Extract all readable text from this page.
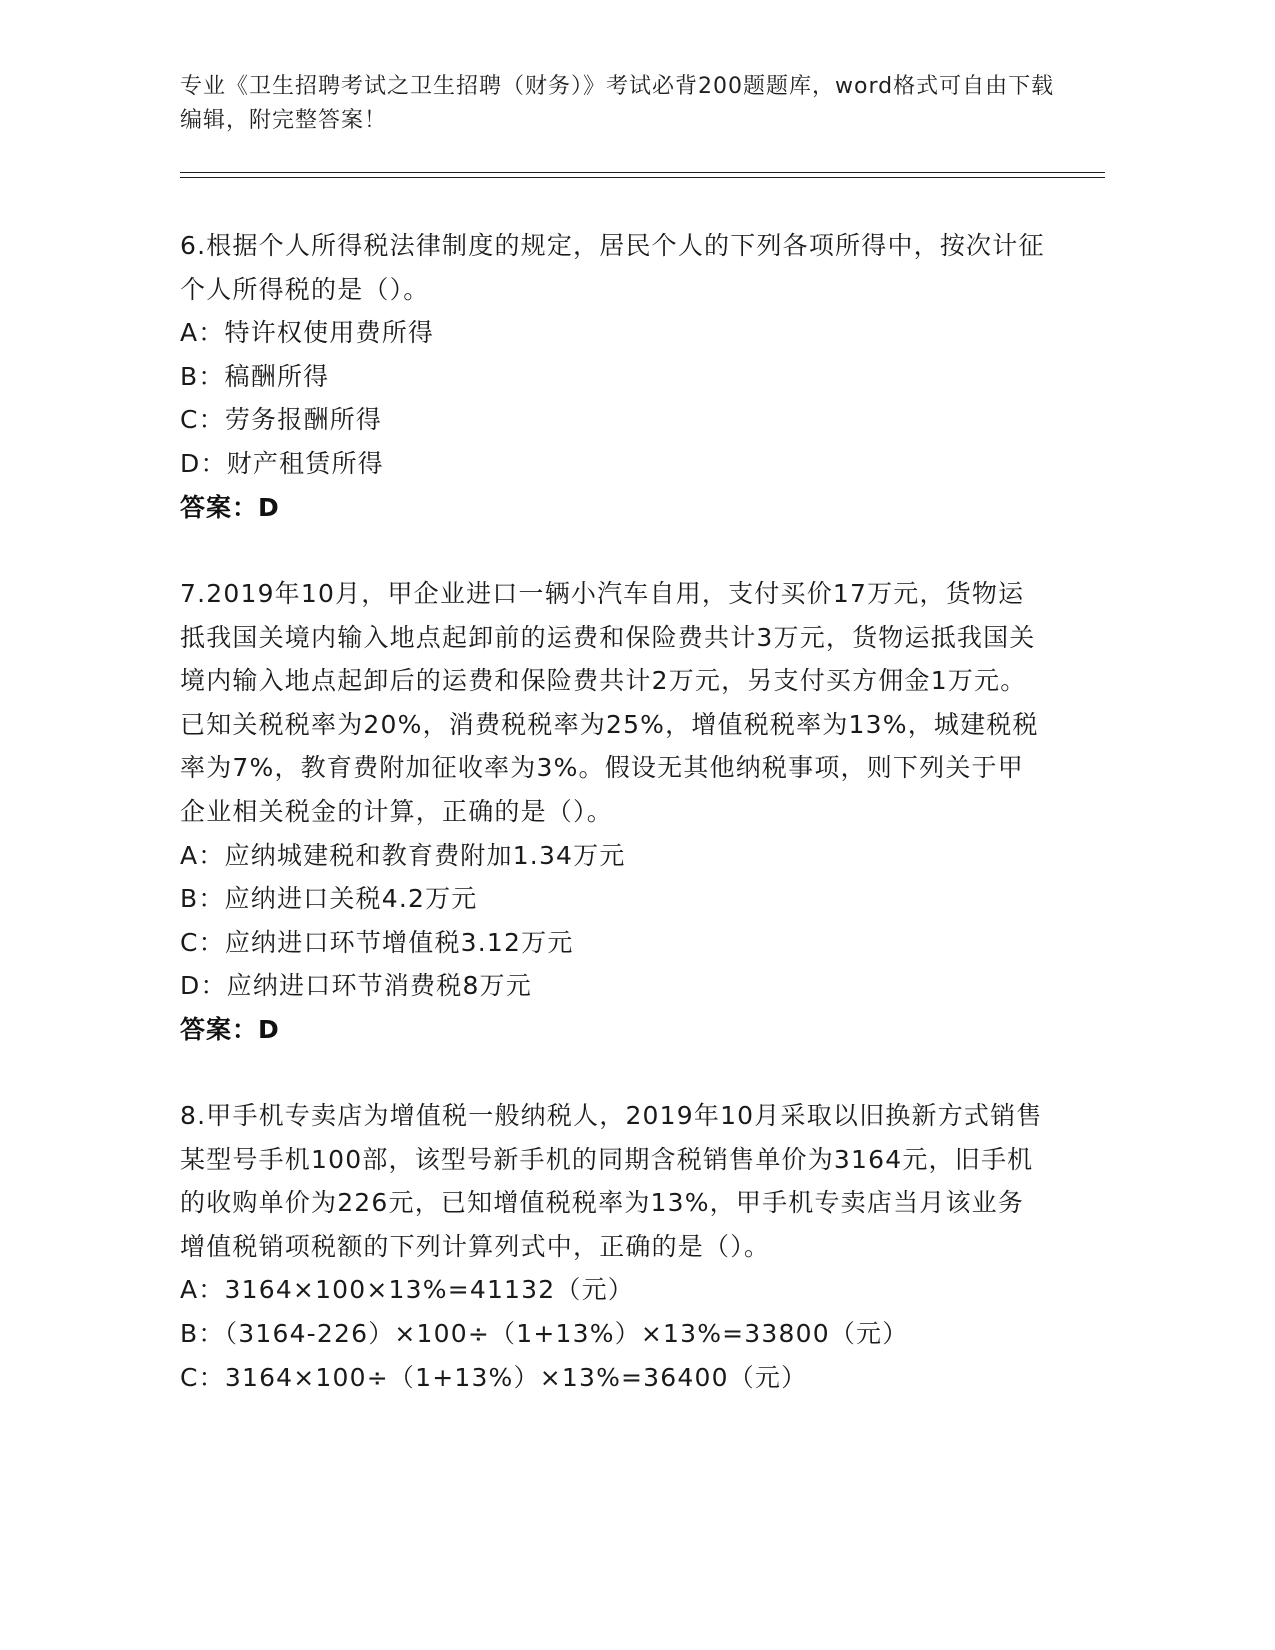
专业《卫生招聘考试之卫生招聘（财务）》考试必背200题题库，word格式可自由下载编辑，附完整答案！

6.根据个人所得税法律制度的规定，居民个人的下列各项所得中，按次计征个人所得税的是（）。

A：特许权使用费所得

B：稿酬所得

C：劳务报酬所得

D：财产租赁所得

答案：D

7.2019年10月，甲企业进口一辆小汽车自用，支付买价17万元，货物运抵我国关境内输入地点起卸前的运费和保险费共计3万元，货物运抵我国关境内输入地点起卸后的运费和保险费共计2万元，另支付买方佣金1万元。已知关税税率为20%，消费税税率为25%，增值税税率为13%，城建税税率为7%，教育费附加征收率为3%。假设无其他纳税事项，则下列关于甲企业相关税金的计算，正确的是（）。

A：应纳城建税和教育费附加1.34万元

B：应纳进口关税4.2万元

C：应纳进口环节增值税3.12万元

D：应纳进口环节消费税8万元

答案：D

8.甲手机专卖店为增值税一般纳税人，2019年10月采取以旧换新方式销售某型号手机100部，该型号新手机的同期含税销售单价为3164元，旧手机的收购单价为226元，已知增值税税率为13%，甲手机专卖店当月该业务增值税销项税额的下列计算列式中，正确的是（）。

A：3164×100×13%=41132（元）

B：（3164-226）×100÷（1+13%）×13%=33800（元）

C：3164×100÷（1+13%）×13%=36400（元）
